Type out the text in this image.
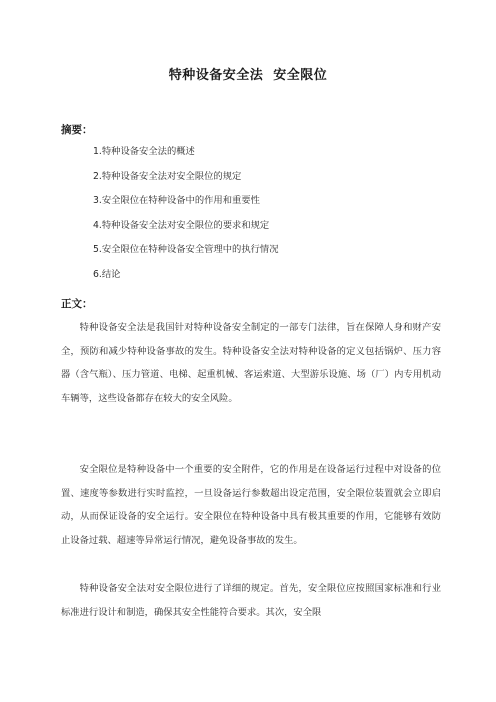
特种设备安全法  安全限位
摘要：
1.特种设备安全法的概述
2.特种设备安全法对安全限位的规定
3.安全限位在特种设备中的作用和重要性
4.特种设备安全法对安全限位的要求和规定
5.安全限位在特种设备安全管理中的执行情况
6.结论
正文：

特种设备安全法是我国针对特种设备安全制定的一部专门法律，旨在保障人身和财产安全，预防和减少特种设备事故的发生。特种设备安全法对特种设备的定义包括锅炉、压力容器（含气瓶）、压力管道、电梯、起重机械、客运索道、大型游乐设施、场（厂）内专用机动车辆等，这些设备都存在较大的安全风险。

安全限位是特种设备中一个重要的安全附件，它的作用是在设备运行过程中对设备的位置、速度等参数进行实时监控，一旦设备运行参数超出设定范围，安全限位装置就会立即启动，从而保证设备的安全运行。安全限位在特种设备中具有极其重要的作用，它能够有效防止设备过载、超速等异常运行情况，避免设备事故的发生。

特种设备安全法对安全限位进行了详细的规定。首先，安全限位应按照国家标准和行业标准进行设计和制造，确保其安全性能符合要求。其次，安全限
